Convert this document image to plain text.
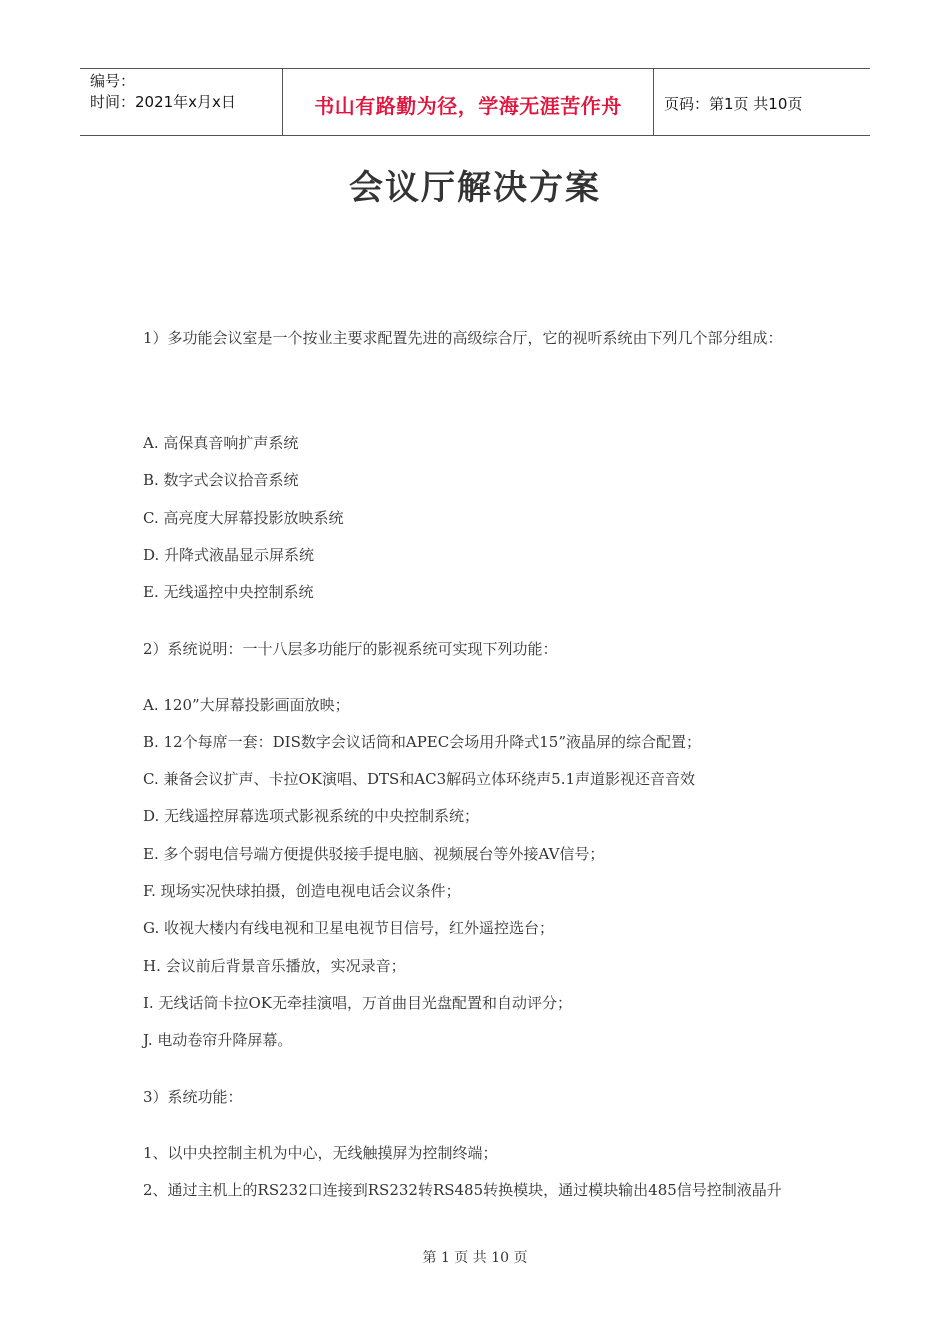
编号：
时间：2021年x月x日	书山有路勤为径，学海无涯苦作舟	页码：第1页 共10页
会议厅解决方案
1）多功能会议室是一个按业主要求配置先进的高级综合厅，它的视听系统由下列几个部分组成：
A. 高保真音响扩声系统
B. 数字式会议拾音系统
C. 高亮度大屏幕投影放映系统
D. 升降式液晶显示屏系统
E. 无线遥控中央控制系统
2）系统说明：一十八层多功能厅的影视系统可实现下列功能：
A. 120”大屏幕投影画面放映；
B. 12个每席一套：DIS数字会议话筒和APEC会场用升降式15”液晶屏的综合配置；
C. 兼备会议扩声、卡拉OK演唱、DTS和AC3解码立体环绕声5.1声道影视还音音效
D. 无线遥控屏幕选项式影视系统的中央控制系统；
E. 多个弱电信号端方便提供驳接手提电脑、视频展台等外接AV信号；
F. 现场实况快球拍摄，创造电视电话会议条件；
G. 收视大楼内有线电视和卫星电视节目信号，红外遥控选台；
H. 会议前后背景音乐播放，实况录音；
I. 无线话筒卡拉OK无牵挂演唱，万首曲目光盘配置和自动评分；
J. 电动卷帘升降屏幕。
3）系统功能：
1、以中央控制主机为中心，无线触摸屏为控制终端；
2、通过主机上的RS232口连接到RS232转RS485转换模块，通过模块输出485信号控制液晶升
第 1 页 共 10 页
